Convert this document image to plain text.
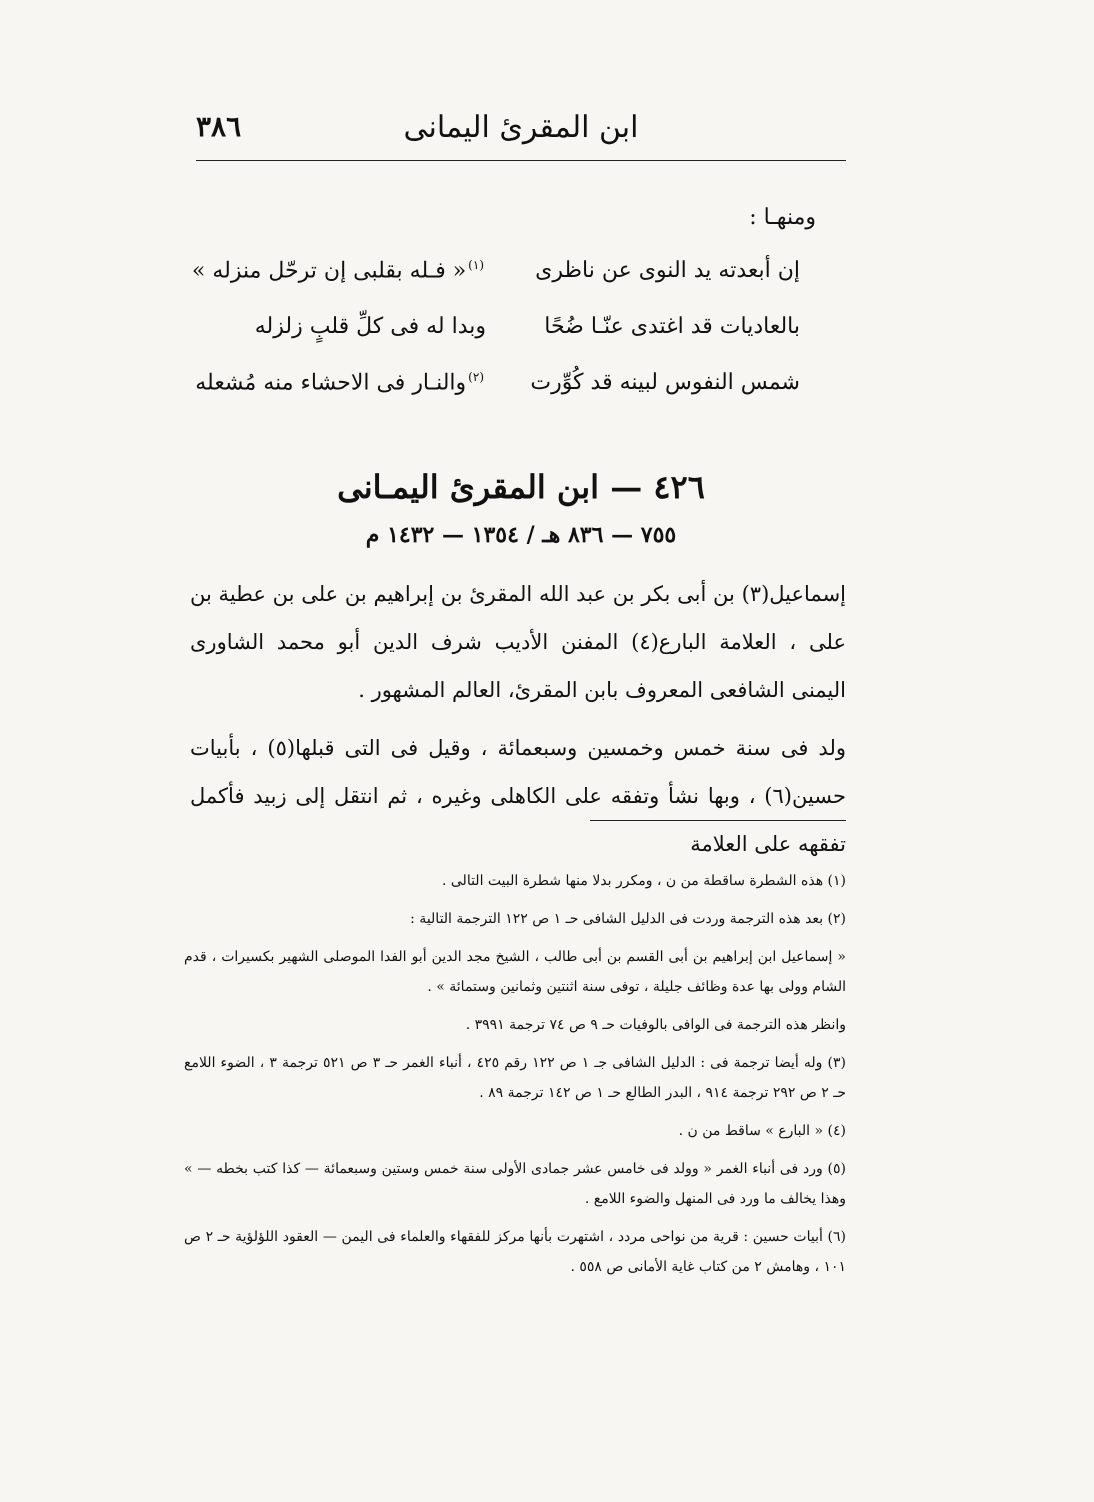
٣٨٦	ابن المقرئ اليمانى
ومنهـا :
إن أبعدته يد النوى عن ناظرى
$^{(١)}$« فـله بقلبى إن ترحّل منزله »
بالعاديات قد اغتدى عنّـا ضُحًا
وبدا له فى كلِّ قلبٍ زلزله
شمس النفوس لبينه قد كُوِّرت
$^{(٢)}$والنـار فى الاحشاء منه مُشعله
٤٢٦ — ابن المقرئ اليمـانى
٧٥٥ — ٨٣٦ هـ / ١٣٥٤ — ١٤٣٢ م

إسماعيل(٣) بن أبى بكر بن عبد الله المقرئ بن إبراهيم بن على بن عطية بن على ، العلامة البارع(٤) المفنن الأديب شرف الدين أبو محمد الشاورى اليمنى الشافعى المعروف بابن المقرئ، العالم المشهور .

ولد فى سنة خمس وخمسين وسبعمائة ، وقيل فى التى قبلها(٥) ، بأبيات حسين(٦) ، وبها نشأ وتفقه على الكاهلى وغيره ، ثم انتقل إلى زبيد فأكمل تفقهه على العلامة

(١) هذه الشطرة ساقطة من ن ، ومكرر بدلا منها شطرة البيت التالى .
(٢) بعد هذه الترجمة وردت فى الدليل الشافى حـ ١ ص ١٢٢ الترجمة التالية :
« إسماعيل ابن إبراهيم بن أبى القسم بن أبى طالب ، الشيخ مجد الدين أبو الفدا الموصلى الشهير بكسيرات ، قدم الشام وولى بها عدة وظائف جليلة ، توفى سنة اثنتين وثمانين وستمائة » .
وانظر هذه الترجمة فى الوافى بالوفيات حـ ٩ ص ٧٤ ترجمة ٣٩٩١ .
(٣) وله أيضا ترجمة فى : الدليل الشافى جـ ١ ص ١٢٢ رقم ٤٢٥ ، أنباء الغمر حـ ٣ ص ٥٢١ ترجمة ٣ ، الضوء اللامع حـ ٢ ص ٢٩٢ ترجمة ٩١٤ ، البدر الطالع حـ ١ ص ١٤٢ ترجمة ٨٩ .
(٤) « البارع » ساقط من ن .
(٥) ورد فى أنباء الغمر « وولد فى خامس عشر جمادى الأولى سنة خمس وستين وسبعمائة — كذا كتب بخطه — » وهذا يخالف ما ورد فى المنهل والضوء اللامع .
(٦) أبيات حسين : قرية من نواحى مردد ، اشتهرت بأنها مركز للفقهاء والعلماء فى اليمن — العقود اللؤلؤية حـ ٢ ص ١٠١ ، وهامش ٢ من كتاب غاية الأمانى ص ٥٥٨ .
